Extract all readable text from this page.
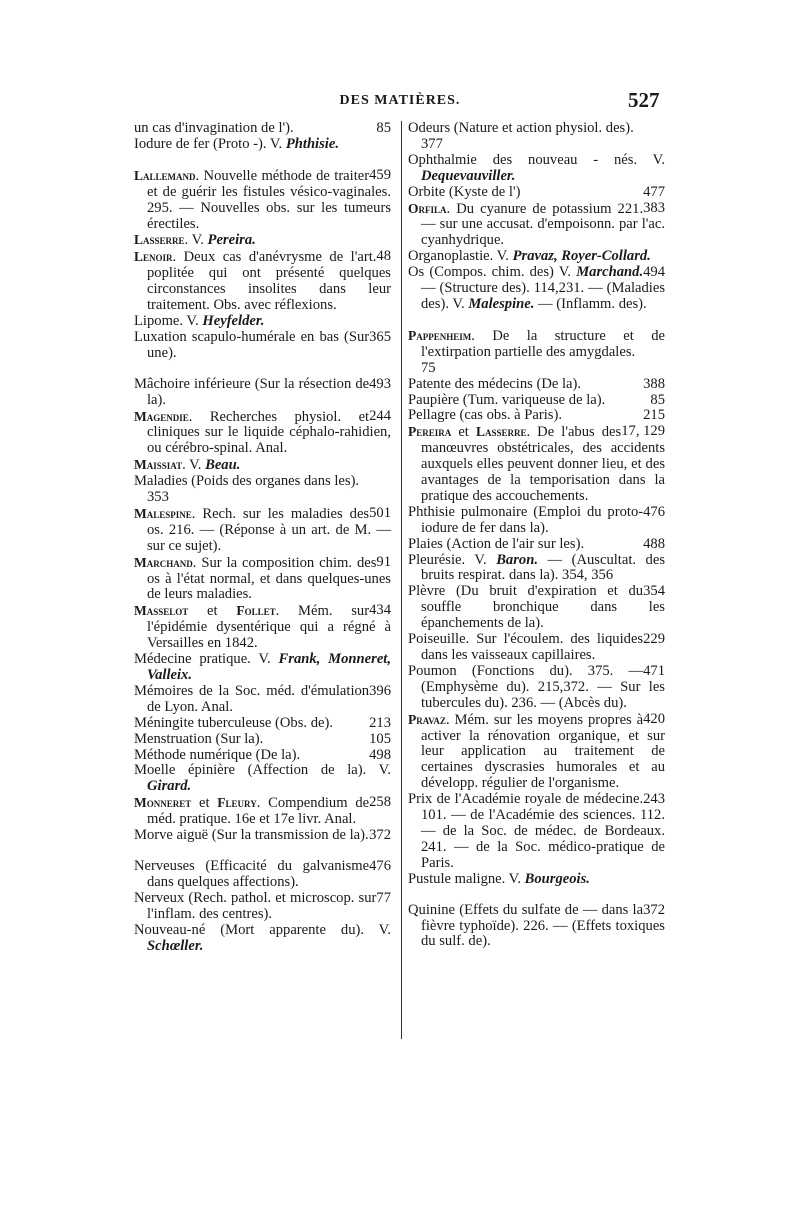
DES MATIÈRES.	527

85
un cas d'invagination de l').

Iodure de fer (Proto -). V. Phthisie.

459
Lallemand. Nouvelle méthode de traiter et de guérir les fistules vésico-vaginales. 295. — Nouvelles obs. sur les tumeurs érectiles.

Lasserre. V. Pereira.

48
Lenoir. Deux cas d'anévrysme de l'art. poplitée qui ont présenté quelques circonstances insolites dans leur traitement. Obs. avec réflexions.

Lipome. V. Heyfelder.

365
Luxation scapulo-humérale en bas (Sur une).

493
Mâchoire inférieure (Sur la résection de la).

244
Magendie. Recherches physiol. et cliniques sur le liquide céphalo-rahidien, ou cérébro-spinal. Anal.

Maissiat. V. Beau.

Maladies (Poids des organes dans les).
353

501
Malespine. Rech. sur les maladies des os. 216. — (Réponse à un art. de M. — sur ce sujet).

91
Marchand. Sur la composition chim. des os à l'état normal, et dans quelques-unes de leurs maladies.

434
Masselot et Follet. Mém. sur l'épidémie dysentérique qui a régné à Versailles en 1842.

Médecine pratique. V. Frank, Monneret, Valleix.

396
Mémoires de la Soc. méd. d'émulation de Lyon. Anal.

213
Méningite tuberculeuse (Obs. de).

105
Menstruation (Sur la).

498
Méthode numérique (De la).

Moelle épinière (Affection de la). V. Girard.

258
Monneret et Fleury. Compendium de méd. pratique. 16e et 17e livr. Anal.

372
Morve aiguë (Sur la transmission de la).

476
Nerveuses (Efficacité du galvanisme dans quelques affections).

77
Nerveux (Rech. pathol. et microscop. sur l'inflam. des centres).

Nouveau-né (Mort apparente du). V. Schœller.

Odeurs (Nature et action physiol. des).
377

Ophthalmie des nouveau - nés. V. Dequevauviller.

477
Orbite (Kyste de l')

383
Orfila. Du cyanure de potassium 221. — sur une accusat. d'empoisonn. par l'ac. cyanhydrique.

Organoplastie. V. Pravaz, Royer-Collard.

494
Os (Compos. chim. des) V. Marchand. — (Structure des). 114,231. — (Maladies des). V. Malespine. — (Inflamm. des).

Pappenheim. De la structure et de l'extirpation partielle des amygdales.
75

388
Patente des médecins (De la).

85
Paupière (Tum. variqueuse de la).

215
Pellagre (cas obs. à Paris).

17, 129
Pereira et Lasserre. De l'abus des manœuvres obstétricales, des accidents auxquels elles peuvent donner lieu, et des avantages de la temporisation dans la pratique des accouchements.

476
Phthisie pulmonaire (Emploi du proto-iodure de fer dans la).

488
Plaies (Action de l'air sur les).

Pleurésie. V. Baron. — (Auscultat. des bruits respirat. dans la). 354, 356

354
Plèvre (Du bruit d'expiration et du souffle bronchique dans les épanchements de la).

229
Poiseuille. Sur l'écoulem. des liquides dans les vaisseaux capillaires.

471
Poumon (Fonctions du). 375. — (Emphysème du). 215,372. — Sur les tubercules du). 236. — (Abcès du).

420
Pravaz. Mém. sur les moyens propres à activer la rénovation organique, et sur leur application au traitement de certaines dyscrasies humorales et au développ. régulier de l'organisme.

243
Prix de l'Académie royale de médecine. 101. — de l'Académie des sciences. 112. — de la Soc. de médec. de Bordeaux. 241. — de la Soc. médico-pratique de Paris.

Pustule maligne. V. Bourgeois.

372
Quinine (Effets du sulfate de — dans la fièvre typhoïde). 226. — (Effets toxiques du sulf. de).
